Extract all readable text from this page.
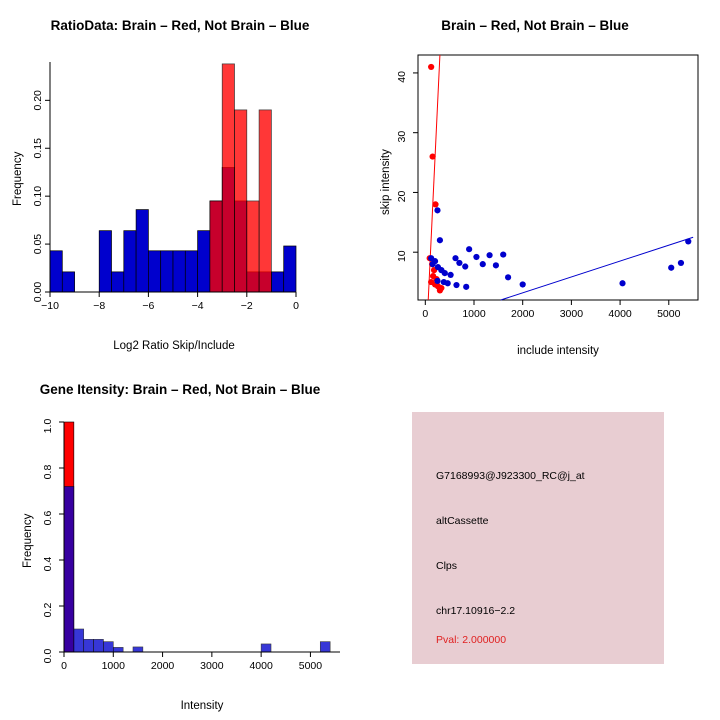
RatioData: Brain – Red, Not Brain – Blue
−10	−8	−6	−4	−2	0
0.00
0.05
0.10
0.15
0.20
Log2 Ratio Skip/Include
Frequency
Brain – Red, Not Brain – Blue
0	1000 2000 3000 4000 5000
10
20
30
40
include intensity
skip intensity
Gene Itensity: Brain – Red, Not Brain – Blue
0	1000 2000 3000 4000 5000
0.0
0.2
0.4
0.6
0.8
1.0
Intensity
Frequency
G7168993@J923300_RC@j_at
altCassette
Clps
chr17.10916−2.2
Pval: 2.000000
